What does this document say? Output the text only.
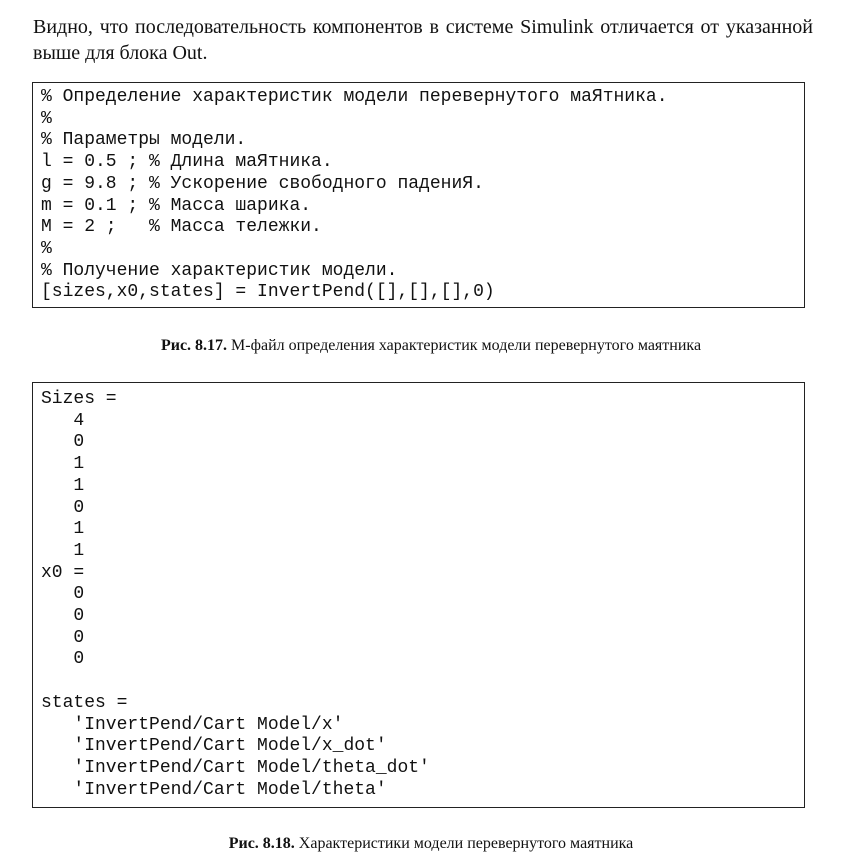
Видно, что последовательность компонентов в системе Simulink отличается от указанной выше для блока Out.

% Определение характеристик модели перевернутого маЯтника.
%
% Параметры модели.
l = 0.5 ; % Длина маЯтника.
g = 9.8 ; % Ускорение свободного падениЯ.
m = 0.1 ; % Масса шарика.
M = 2 ;   % Масса тележки.
%
% Получение характеристик модели.
[sizes,x0,states] = InvertPend([],[],[],0)

Рис. 8.17. М-файл определения характеристик модели перевернутого маятника

Sizes =
4
0
1
1
0
1
1
x0 =
0
0
0
0
states =
'InvertPend/Cart Model/x'
'InvertPend/Cart Model/x_dot'
'InvertPend/Cart Model/theta_dot'
'InvertPend/Cart Model/theta'

Рис. 8.18. Характеристики модели перевернутого маятника
